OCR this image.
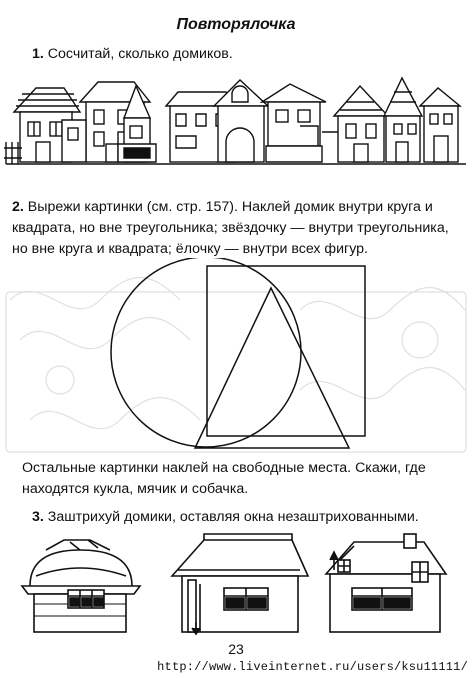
Повторялочка
1. Сосчитай, сколько домиков.
2. Вырежи картинки (см. стр. 157). Наклей домик внутри круга и квадрата, но вне треугольника; звёздочку — внутри треугольника, но вне круга и квадрата; ёлочку — внутри всех фигур.
Остальные картинки наклей на свободные места. Скажи, где находятся кукла, мячик и собачка.
3. Заштрихуй домики, оставляя окна незаштрихованными.
23
http://www.liveinternet.ru/users/ksu11111/
